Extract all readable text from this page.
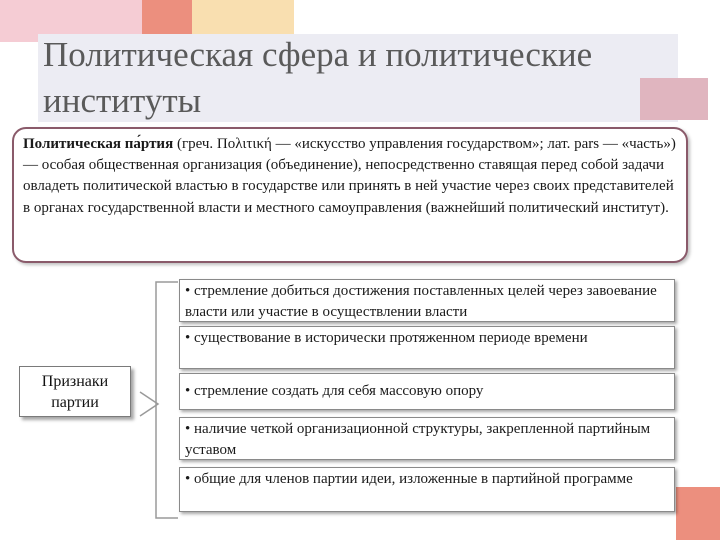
Политическая сфера и политические институты
Политическая па́ртия (греч. Πολιτική — «искусство управления государством»; лат. pars — «часть») — особая общественная организация (объединение), непосредственно ставящая перед собой задачи овладеть политической властью в государстве или принять в ней участие через своих представителей в органах государственной власти и местного самоуправления (важнейший политический институт).
Признаки партии
• стремление добиться достижения поставленных целей через завоевание власти или участие в осуществлении власти
• существование в исторически протяженном периоде времени
• стремление создать для себя массовую опору
• наличие четкой организационной структуры, закрепленной партийным уставом
• общие для членов партии идеи, изложенные в партийной программе
